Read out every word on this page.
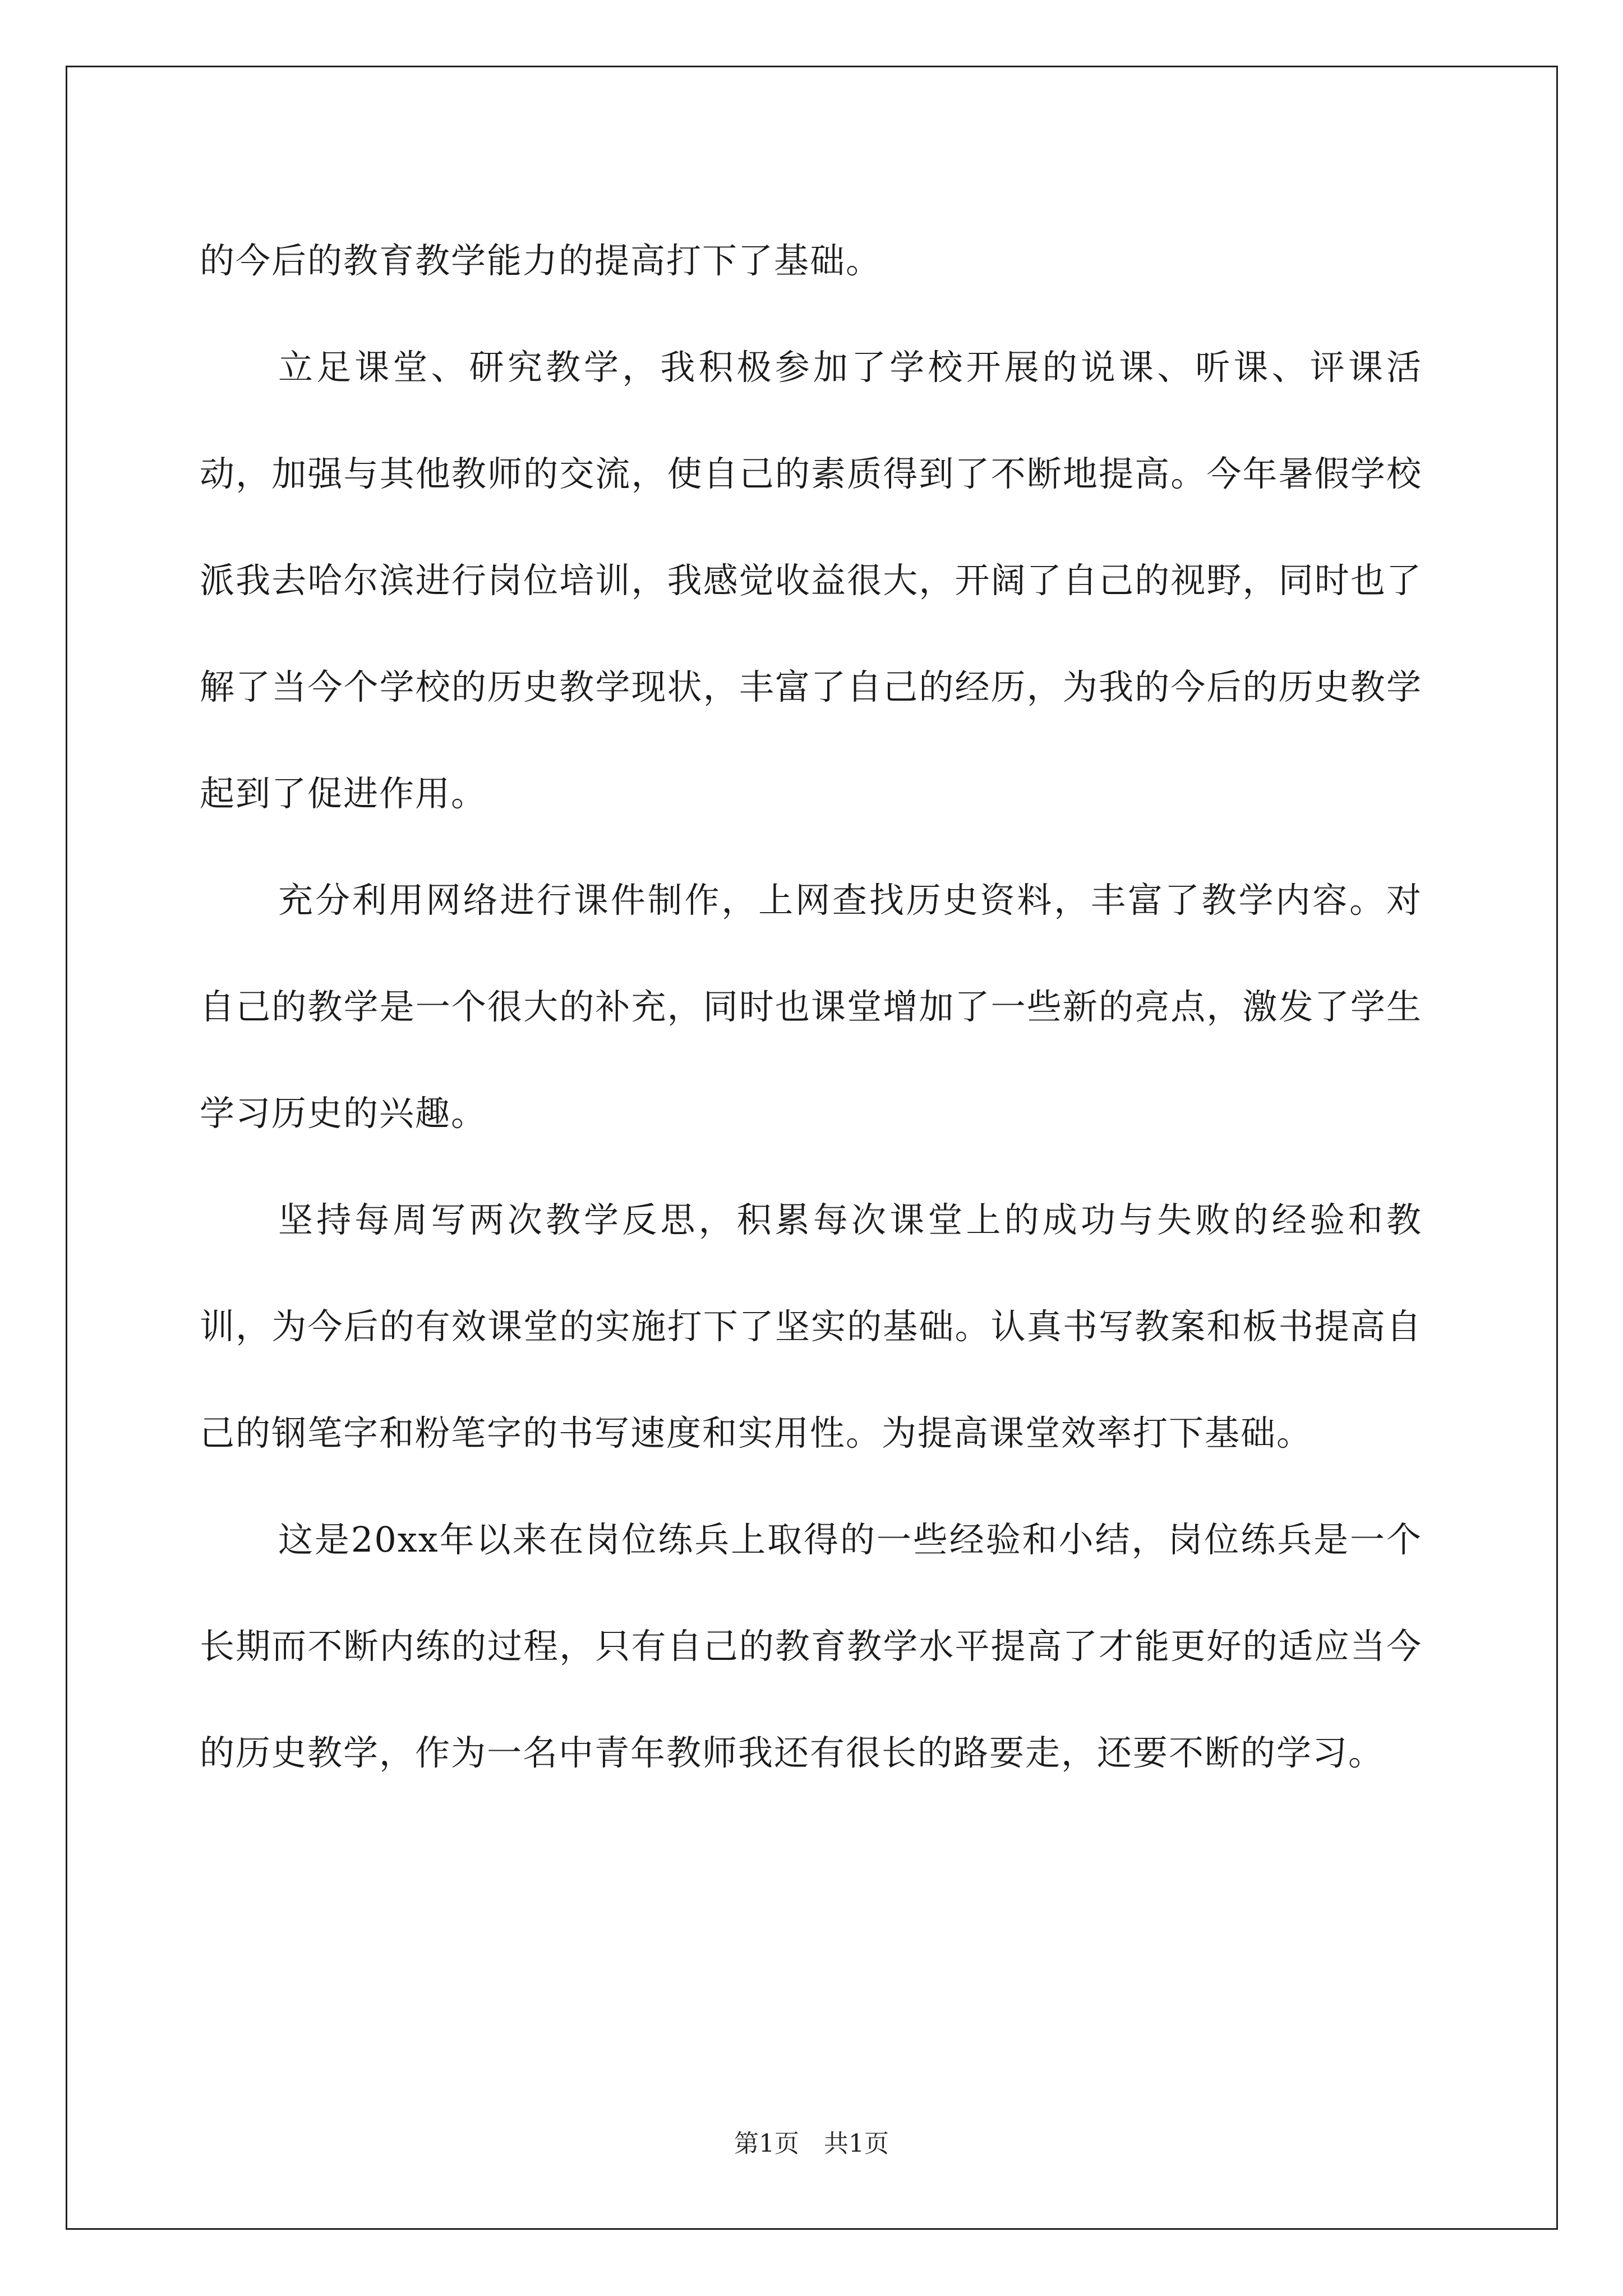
的今后的教育教学能力的提高打下了基础。

立足课堂、研究教学，我积极参加了学校开展的说课、听课、评课活动，加强与其他教师的交流，使自己的素质得到了不断地提高。今年暑假学校派我去哈尔滨进行岗位培训，我感觉收益很大，开阔了自己的视野，同时也了解了当今个学校的历史教学现状，丰富了自己的经历，为我的今后的历史教学起到了促进作用。

充分利用网络进行课件制作，上网查找历史资料，丰富了教学内容。对自己的教学是一个很大的补充，同时也课堂增加了一些新的亮点，激发了学生学习历史的兴趣。

坚持每周写两次教学反思，积累每次课堂上的成功与失败的经验和教训，为今后的有效课堂的实施打下了坚实的基础。认真书写教案和板书提高自己的钢笔字和粉笔字的书写速度和实用性。为提高课堂效率打下基础。

这是20xx年以来在岗位练兵上取得的一些经验和小结，岗位练兵是一个长期而不断内练的过程，只有自己的教育教学水平提高了才能更好的适应当今的历史教学，作为一名中青年教师我还有很长的路要走，还要不断的学习。

第1页　共1页
